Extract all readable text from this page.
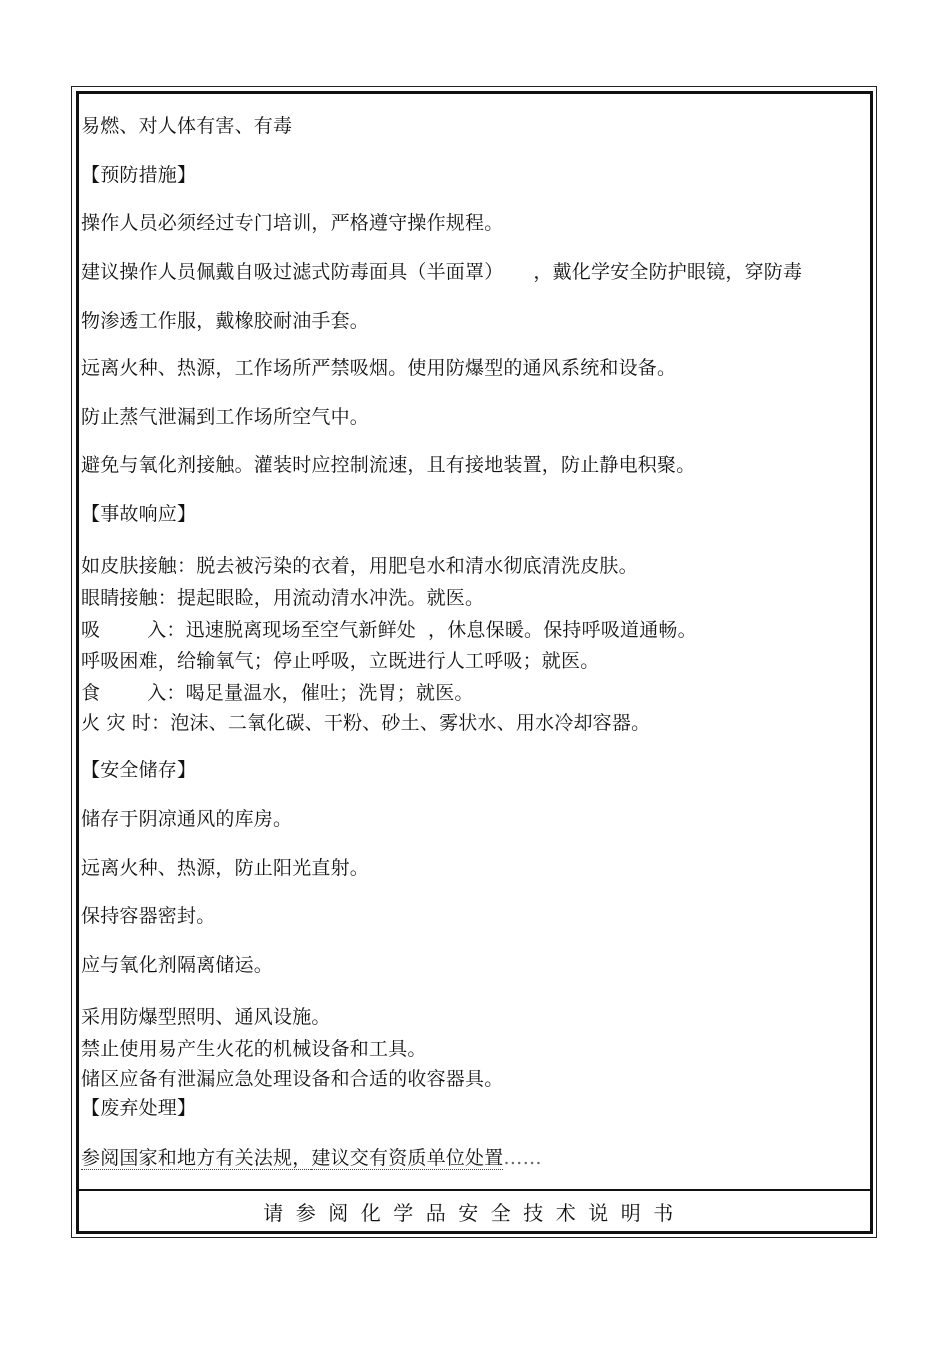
易燃、对人体有害、有毒
【预防措施】
操作人员必须经过专门培训，严格遵守操作规程。
建议操作人员佩戴自吸过滤式防毒面具（半面罩） ，戴化学安全防护眼镜，穿防毒
物渗透工作服，戴橡胶耐油手套。
远离火种、热源，工作场所严禁吸烟。使用防爆型的通风系统和设备。
防止蒸气泄漏到工作场所空气中。
避免与氧化剂接触。灌装时应控制流速，且有接地装置，防止静电积聚。
【事故响应】
如皮肤接触：脱去被污染的衣着，用肥皂水和清水彻底清洗皮肤。
眼睛接触：提起眼睑，用流动清水冲洗。就医。
吸 入：迅速脱离现场至空气新鲜处 ，休息保暖。保持呼吸道通畅。
呼吸困难，给输氧气；停止呼吸，立既进行人工呼吸；就医。
食 入：喝足量温水，催吐；洗胃；就医。
火 灾 时：泡沫、二氧化碳、干粉、砂土、雾状水、用水冷却容器。
【安全储存】
储存于阴凉通风的库房。
远离火种、热源，防止阳光直射。
保持容器密封。
应与氧化剂隔离储运。
采用防爆型照明、通风设施。
禁止使用易产生火花的机械设备和工具。
储区应备有泄漏应急处理设备和合适的收容器具。
【废弃处理】
参阅国家和地方有关法规，建议交有资质单位处置……
请参阅化学品安全技术说明书
